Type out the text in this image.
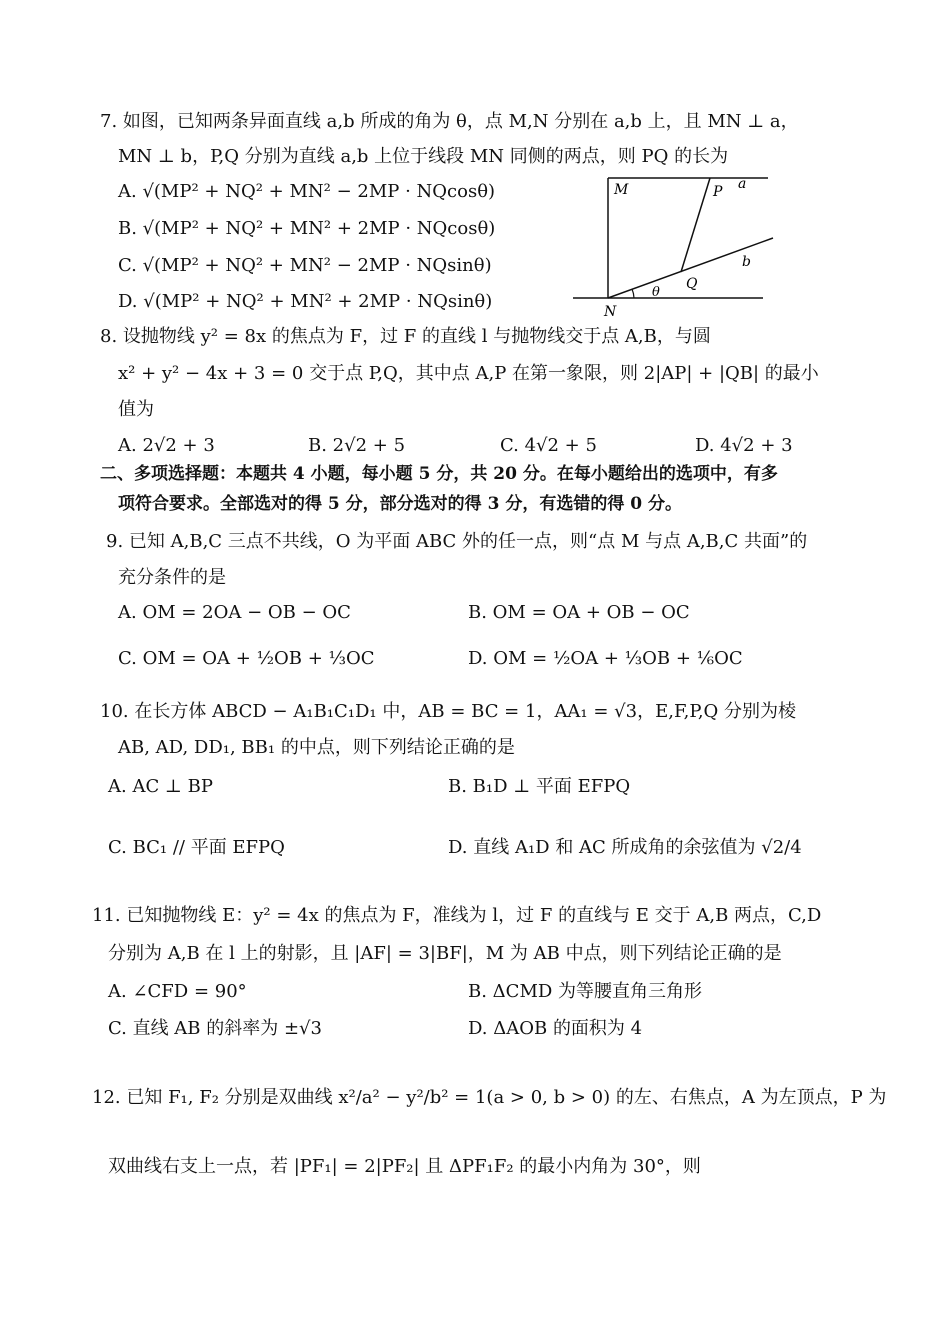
7. 如图，已知两条异面直线 a,b 所成的角为 θ，点 M,N 分别在 a,b 上，且 MN ⊥ a，
MN ⊥ b，P,Q 分别为直线 a,b 上位于线段 MN 同侧的两点，则 PQ 的长为
A. √(MP² + NQ² + MN² − 2MP · NQcosθ)
B. √(MP² + NQ² + MN² + 2MP · NQcosθ)
C. √(MP² + NQ² + MN² − 2MP · NQsinθ)
D. √(MP² + NQ² + MN² + 2MP · NQsinθ)
M	P a
b
Q
θ
N
8. 设抛物线 y² = 8x 的焦点为 F，过 F 的直线 l 与抛物线交于点 A,B，与圆
x² + y² − 4x + 3 = 0 交于点 P,Q，其中点 A,P 在第一象限，则 2|AP| + |QB| 的最小
值为
A. 2√2 + 3	B. 2√2 + 5	C. 4√2 + 5	D. 4√2 + 3
二、多项选择题：本题共 4 小题，每小题 5 分，共 20 分。在每小题给出的选项中，有多
项符合要求。全部选对的得 5 分，部分选对的得 3 分，有选错的得 0 分。
9. 已知 A,B,C 三点不共线，O 为平面 ABC 外的任一点，则“点 M 与点 A,B,C 共面”的
充分条件的是
A. OM = 2OA − OB − OC	B. OM = OA + OB − OC
C. OM = OA + ½OB + ⅓OC	D. OM = ½OA + ⅓OB + ⅙OC
10. 在长方体 ABCD − A₁B₁C₁D₁ 中，AB = BC = 1，AA₁ = √3，E,F,P,Q 分别为棱
AB, AD, DD₁, BB₁ 的中点，则下列结论正确的是
A. AC ⊥ BP	B. B₁D ⊥ 平面 EFPQ
C. BC₁ // 平面 EFPQ	D. 直线 A₁D 和 AC 所成角的余弦值为 √2/4
11. 已知抛物线 E：y² = 4x 的焦点为 F，准线为 l，过 F 的直线与 E 交于 A,B 两点，C,D
分别为 A,B 在 l 上的射影，且 |AF| = 3|BF|，M 为 AB 中点，则下列结论正确的是
A. ∠CFD = 90°	B. ΔCMD 为等腰直角三角形
C. 直线 AB 的斜率为 ±√3	D. ΔAOB 的面积为 4
12. 已知 F₁, F₂ 分别是双曲线 x²/a² − y²/b² = 1(a > 0, b > 0) 的左、右焦点，A 为左顶点，P 为
双曲线右支上一点，若 |PF₁| = 2|PF₂| 且 ΔPF₁F₂ 的最小内角为 30°，则
